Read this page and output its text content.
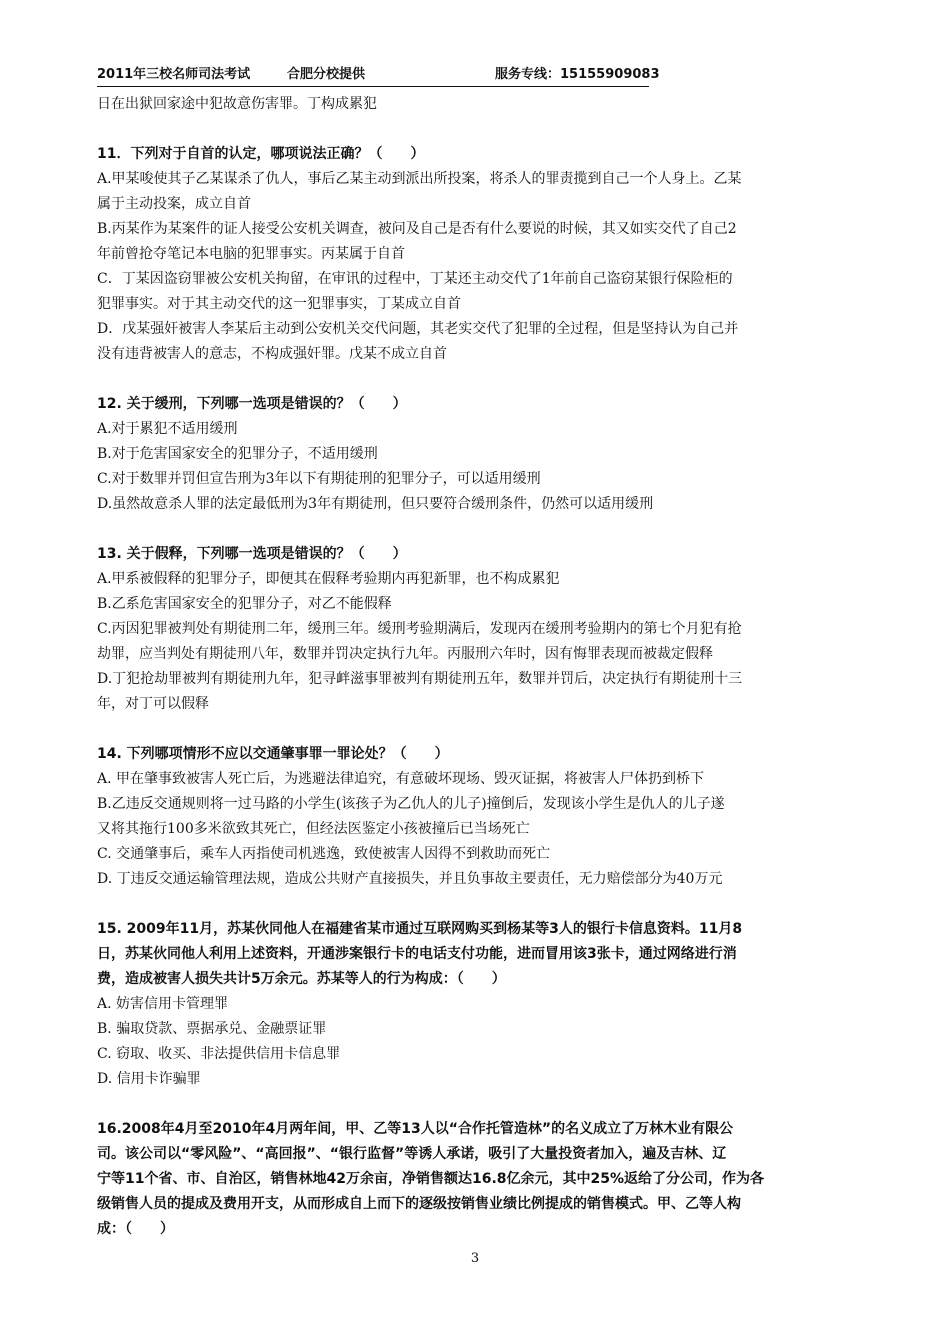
2011年三校名师司法考试	合肥分校提供	服务专线：15155909083
日在出狱回家途中犯故意伤害罪。丁构成累犯
11．下列对于自首的认定，哪项说法正确？（　　）
A.甲某唆使其子乙某谋杀了仇人，事后乙某主动到派出所投案，将杀人的罪责揽到自己一个人身上。乙某
属于主动投案，成立自首
B.丙某作为某案件的证人接受公安机关调查，被问及自己是否有什么要说的时候，其又如实交代了自己2
年前曾抢夺笔记本电脑的犯罪事实。丙某属于自首
C．丁某因盗窃罪被公安机关拘留，在审讯的过程中，丁某还主动交代了1年前自己盗窃某银行保险柜的
犯罪事实。对于其主动交代的这一犯罪事实，丁某成立自首
D．戊某强奸被害人李某后主动到公安机关交代问题，其老实交代了犯罪的全过程，但是坚持认为自己并
没有违背被害人的意志，不构成强奸罪。戊某不成立自首
12. 关于缓刑，下列哪一选项是错误的？（　　）
A.对于累犯不适用缓刑
B.对于危害国家安全的犯罪分子，不适用缓刑
C.对于数罪并罚但宣告刑为3年以下有期徒刑的犯罪分子，可以适用缓刑
D.虽然故意杀人罪的法定最低刑为3年有期徒刑，但只要符合缓刑条件，仍然可以适用缓刑
13. 关于假释，下列哪一选项是错误的？（　　）
A.甲系被假释的犯罪分子，即便其在假释考验期内再犯新罪，也不构成累犯
B.乙系危害国家安全的犯罪分子，对乙不能假释
C.丙因犯罪被判处有期徒刑二年，缓刑三年。缓刑考验期满后，发现丙在缓刑考验期内的第七个月犯有抢
劫罪，应当判处有期徒刑八年，数罪并罚决定执行九年。丙服刑六年时，因有悔罪表现而被裁定假释
D.丁犯抢劫罪被判有期徒刑九年，犯寻衅滋事罪被判有期徒刑五年，数罪并罚后，决定执行有期徒刑十三
年，对丁可以假释
14. 下列哪项情形不应以交通肇事罪一罪论处？（　　）
A. 甲在肇事致被害人死亡后，为逃避法律追究，有意破坏现场、毁灭证据，将被害人尸体扔到桥下
B.乙违反交通规则将一过马路的小学生(该孩子为乙仇人的儿子)撞倒后，发现该小学生是仇人的儿子遂
又将其拖行100多米欲致其死亡，但经法医鉴定小孩被撞后已当场死亡
C. 交通肇事后，乘车人丙指使司机逃逸，致使被害人因得不到救助而死亡
D. 丁违反交通运输管理法规，造成公共财产直接损失，并且负事故主要责任，无力赔偿部分为40万元
15. 2009年11月，苏某伙同他人在福建省某市通过互联网购买到杨某等3人的银行卡信息资料。11月8
日，苏某伙同他人利用上述资料，开通涉案银行卡的电话支付功能，进而冒用该3张卡，通过网络进行消
费，造成被害人损失共计5万余元。苏某等人的行为构成：（　　）
A. 妨害信用卡管理罪
B. 骗取贷款、票据承兑、金融票证罪
C. 窃取、收买、非法提供信用卡信息罪
D. 信用卡诈骗罪
16.2008年4月至2010年4月两年间，甲、乙等13人以“合作托管造林”的名义成立了万林木业有限公
司。该公司以“零风险”、“高回报”、“银行监督”等诱人承诺，吸引了大量投资者加入，遍及吉林、辽
宁等11个省、市、自治区，销售林地42万余亩，净销售额达16.8亿余元，其中25%返给了分公司，作为各
级销售人员的提成及费用开支，从而形成自上而下的逐级按销售业绩比例提成的销售模式。甲、乙等人构
成：（　　）
3
